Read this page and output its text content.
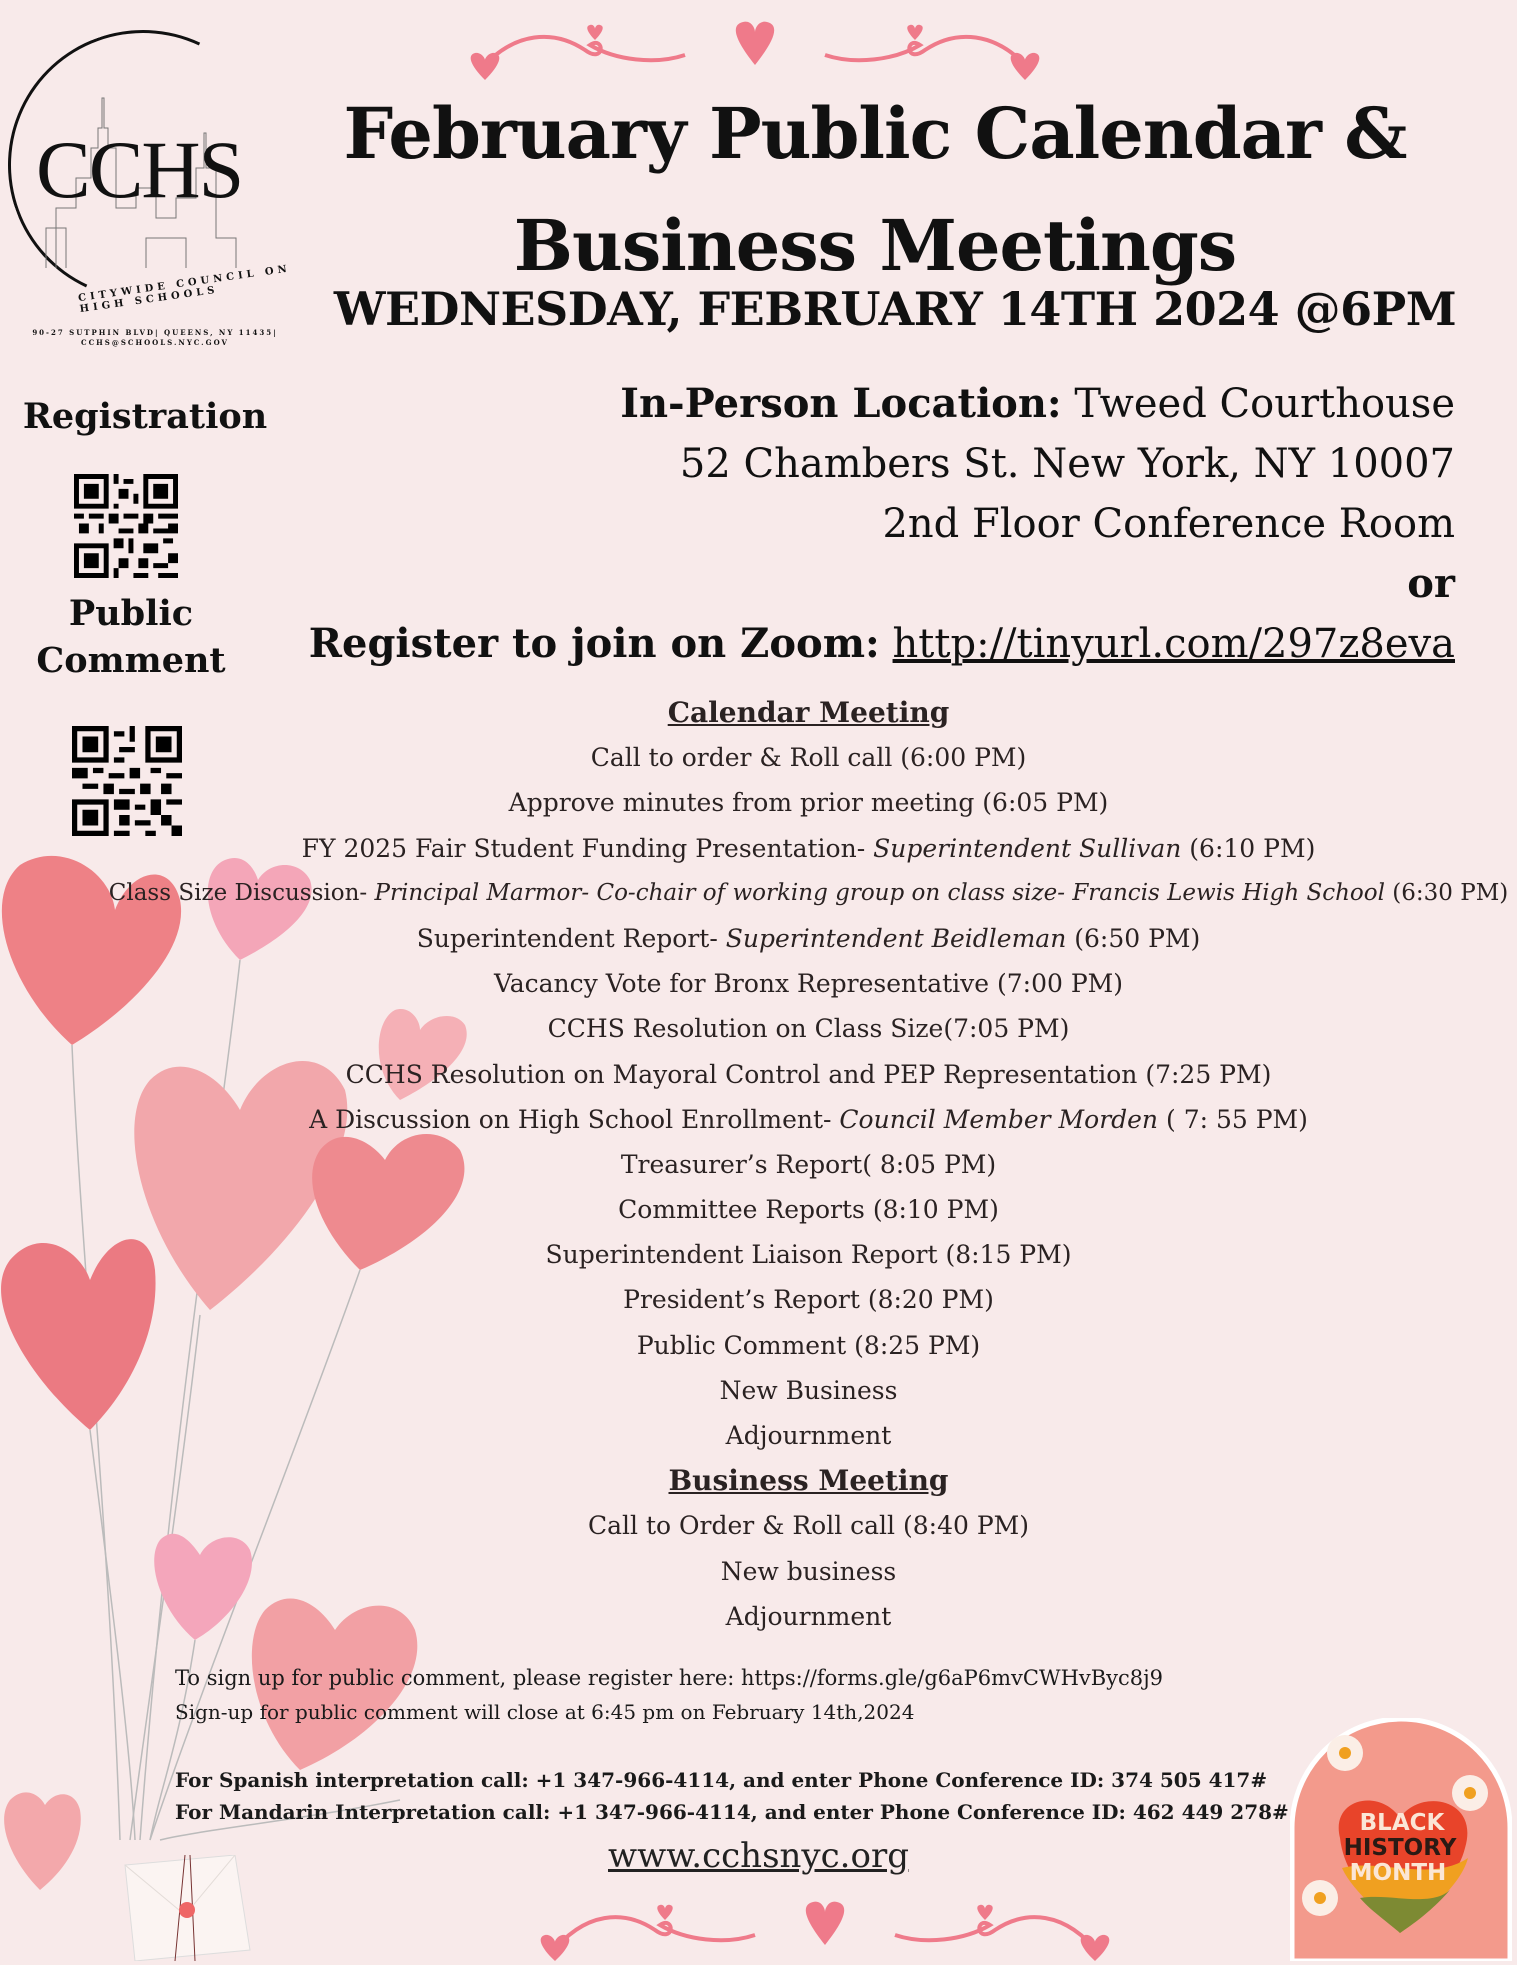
CCHS
CITYWIDE COUNCIL ON HIGH SCHOOLS
90-27 SUTPHIN BLVD| QUEENS, NY 11435|
CCHS@SCHOOLS.NYC.GOV
February Public Calendar &
Business Meetings
WEDNESDAY, FEBRUARY 14TH 2024 @6PM
Registration
Public
Comment
In-Person Location: Tweed Courthouse
52 Chambers St. New York, NY 10007
2nd Floor Conference Room
or
Register to join on Zoom: http://tinyurl.com/297z8eva
Calendar Meeting
Call to order & Roll call (6:00 PM)
Approve minutes from prior meeting (6:05 PM)
FY 2025 Fair Student Funding Presentation- Superintendent Sullivan (6:10 PM)
Class Size Discussion- Principal Marmor- Co-chair of working group on class size- Francis Lewis High School (6:30 PM)
Superintendent Report- Superintendent Beidleman (6:50 PM)
Vacancy Vote for Bronx Representative (7:00 PM)
CCHS Resolution on Class Size(7:05 PM)
CCHS Resolution on Mayoral Control and PEP Representation (7:25 PM)
A Discussion on High School Enrollment- Council Member Morden ( 7: 55 PM)
Treasurer’s Report( 8:05 PM)
Committee Reports (8:10 PM)
Superintendent Liaison Report (8:15 PM)
President’s Report (8:20 PM)
Public Comment (8:25 PM)
New Business
Adjournment
Business Meeting
Call to Order & Roll call (8:40 PM)
New business
Adjournment
To sign up for public comment, please register here: https://forms.gle/g6aP6mvCWHvByc8j9
Sign-up for public comment will close at 6:45 pm on February 14th,2024
For Spanish interpretation call: +1 347-966-4114, and enter Phone Conference ID: 374 505 417#
For Mandarin Interpretation call: +1 347-966-4114, and enter Phone Conference ID: 462 449 278#
www.cchsnyc.org
BLACK
HISTORY
MONTH
